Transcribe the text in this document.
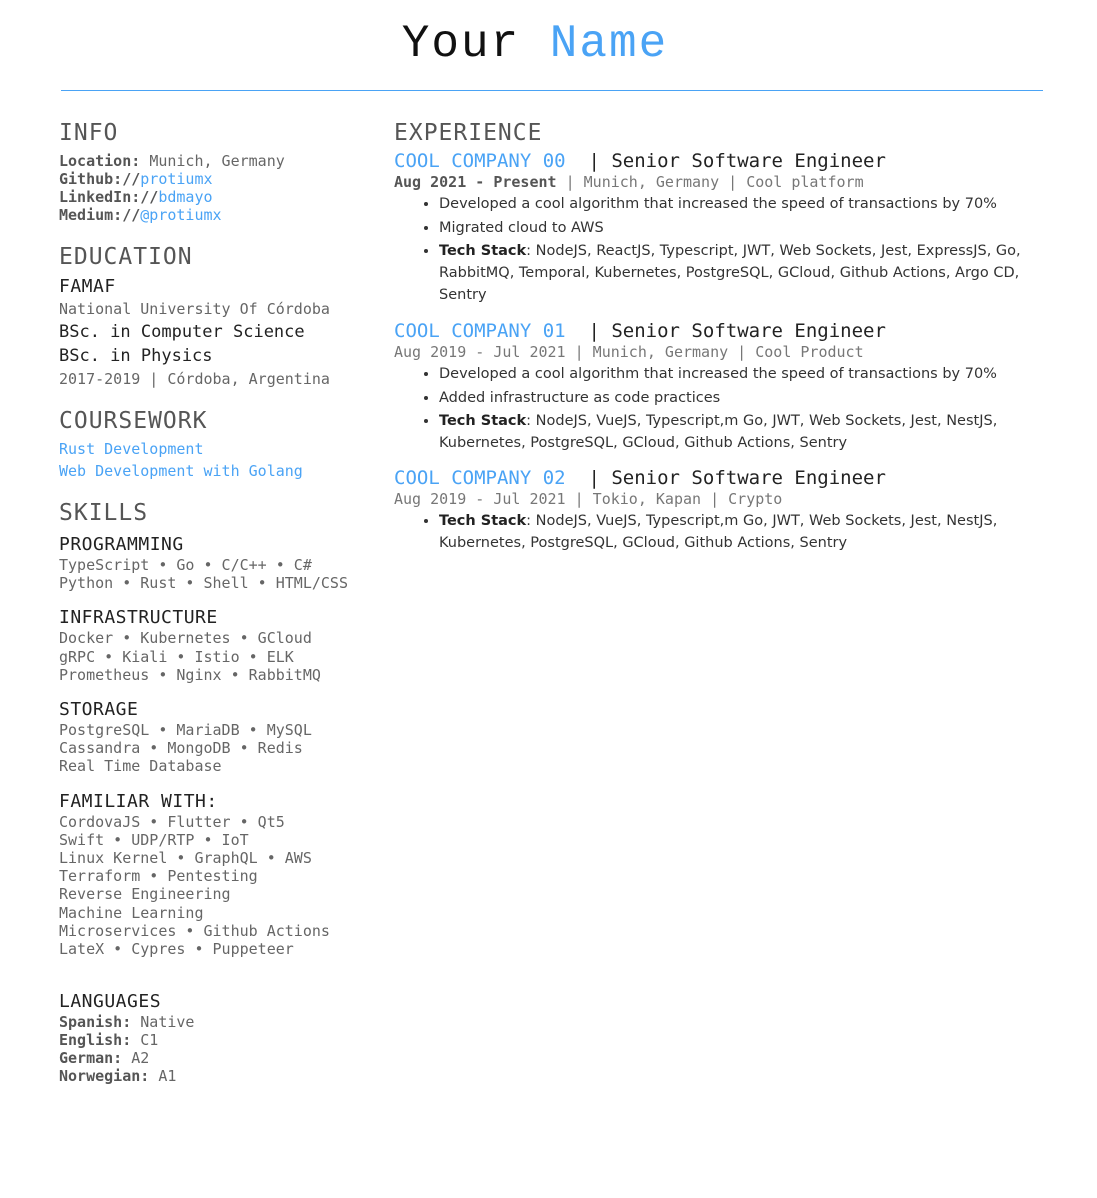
Your Name
INFO
Location: Munich, Germany
Github://protiumx
LinkedIn://bdmayo
Medium://@protiumx
EDUCATION
FAMAF
National University Of Córdoba
BSc. in Computer Science
BSc. in Physics
2017-2019 | Córdoba, Argentina
COURSEWORK
Rust Development
Web Development with Golang
SKILLS
PROGRAMMING
TypeScript • Go • C/C++ • C#
Python • Rust • Shell • HTML/CSS
INFRASTRUCTURE
Docker • Kubernetes • GCloud
gRPC • Kiali • Istio • ELK
Prometheus • Nginx • RabbitMQ
STORAGE
PostgreSQL • MariaDB • MySQL
Cassandra • MongoDB • Redis
Real Time Database
FAMILIAR WITH:
CordovaJS • Flutter • Qt5
Swift • UDP/RTP • IoT
Linux Kernel • GraphQL • AWS
Terraform • Pentesting
Reverse Engineering
Machine Learning
Microservices • Github Actions
LateX • Cypres • Puppeteer
LANGUAGES
Spanish: Native
English: C1
German: A2
Norwegian: A1
EXPERIENCE
COOL COMPANY 00 | Senior Software Engineer
Aug 2021 - Present | Munich, Germany | Cool platform
• Developed a cool algorithm that increased the speed of transactions by 70%
• Migrated cloud to AWS
• Tech Stack: NodeJS, ReactJS, Typescript, JWT, Web Sockets, Jest, ExpressJS, Go, RabbitMQ, Temporal, Kubernetes, PostgreSQL, GCloud, Github Actions, Argo CD, Sentry
COOL COMPANY 01 | Senior Software Engineer
Aug 2019 - Jul 2021 | Munich, Germany | Cool Product
• Developed a cool algorithm that increased the speed of transactions by 70%
• Added infrastructure as code practices
• Tech Stack: NodeJS, VueJS, Typescript,m Go, JWT, Web Sockets, Jest, NestJS, Kubernetes, PostgreSQL, GCloud, Github Actions, Sentry
COOL COMPANY 02 | Senior Software Engineer
Aug 2019 - Jul 2021 | Tokio, Kapan | Crypto
• Tech Stack: NodeJS, VueJS, Typescript,m Go, JWT, Web Sockets, Jest, NestJS, Kubernetes, PostgreSQL, GCloud, Github Actions, Sentry
